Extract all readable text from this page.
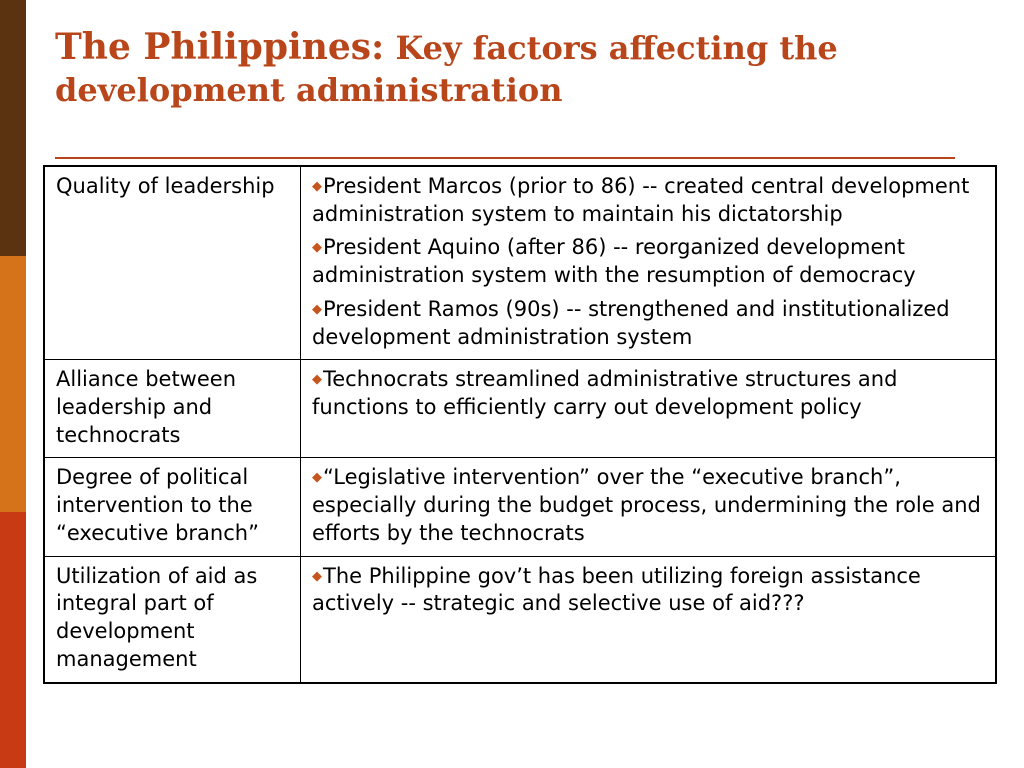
The Philippines: Key factors affecting the development administration
Quality of leadership	◆President Marcos (prior to 86) -- created central development administration system to maintain his dictatorship

◆President Aquino (after 86) -- reorganized development administration system with the resumption of democracy

◆President Ramos (90s) -- strengthened and institutionalized development administration system

Alliance between leadership and technocrats	◆Technocrats streamlined administrative structures and functions to efficiently carry out development policy

Degree of political intervention to the “executive branch”	◆“Legislative intervention” over the “executive branch”, especially during the budget process, undermining the role and efforts by the technocrats

Utilization of aid as integral part of development management	◆The Philippine gov’t has been utilizing foreign assistance actively -- strategic and selective use of aid???
